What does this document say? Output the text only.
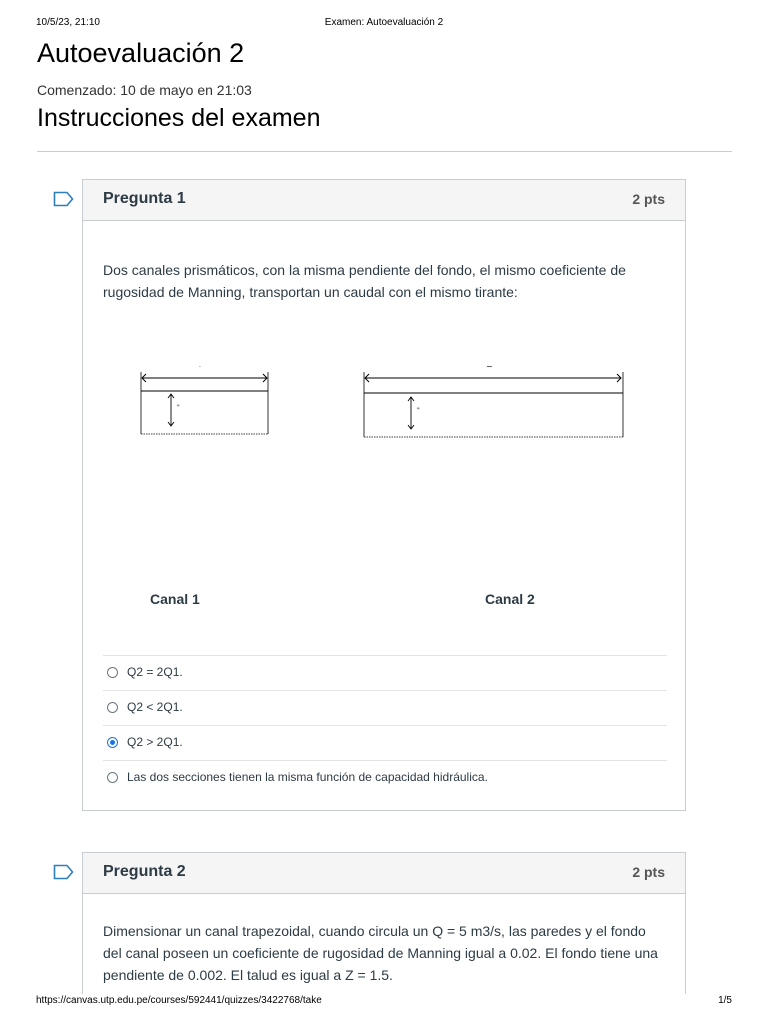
10/5/23, 21:10	Examen: Autoevaluación 2
Autoevaluación 2
Comenzado: 10 de mayo en 21:03
Instrucciones del examen
Pregunta 1	2 pts
Dos canales prismáticos, con la misma pendiente del fondo, el mismo coeficiente de rugosidad de Manning, transportan un caudal con el mismo tirante:
·
"
~
"
Canal 1	Canal 2
Q2 = 2Q1.
Q2 < 2Q1.
Q2 > 2Q1.
Las dos secciones tienen la misma función de capacidad hidráulica.
Pregunta 2	2 pts
Dimensionar un canal trapezoidal, cuando circula un Q = 5 m3/s, las paredes y el fondo del canal poseen un coeficiente de rugosidad de Manning igual a 0.02. El fondo tiene una pendiente de 0.002. El talud es igual a Z = 1.5.
https://canvas.utp.edu.pe/courses/592441/quizzes/3422768/take	1/5
